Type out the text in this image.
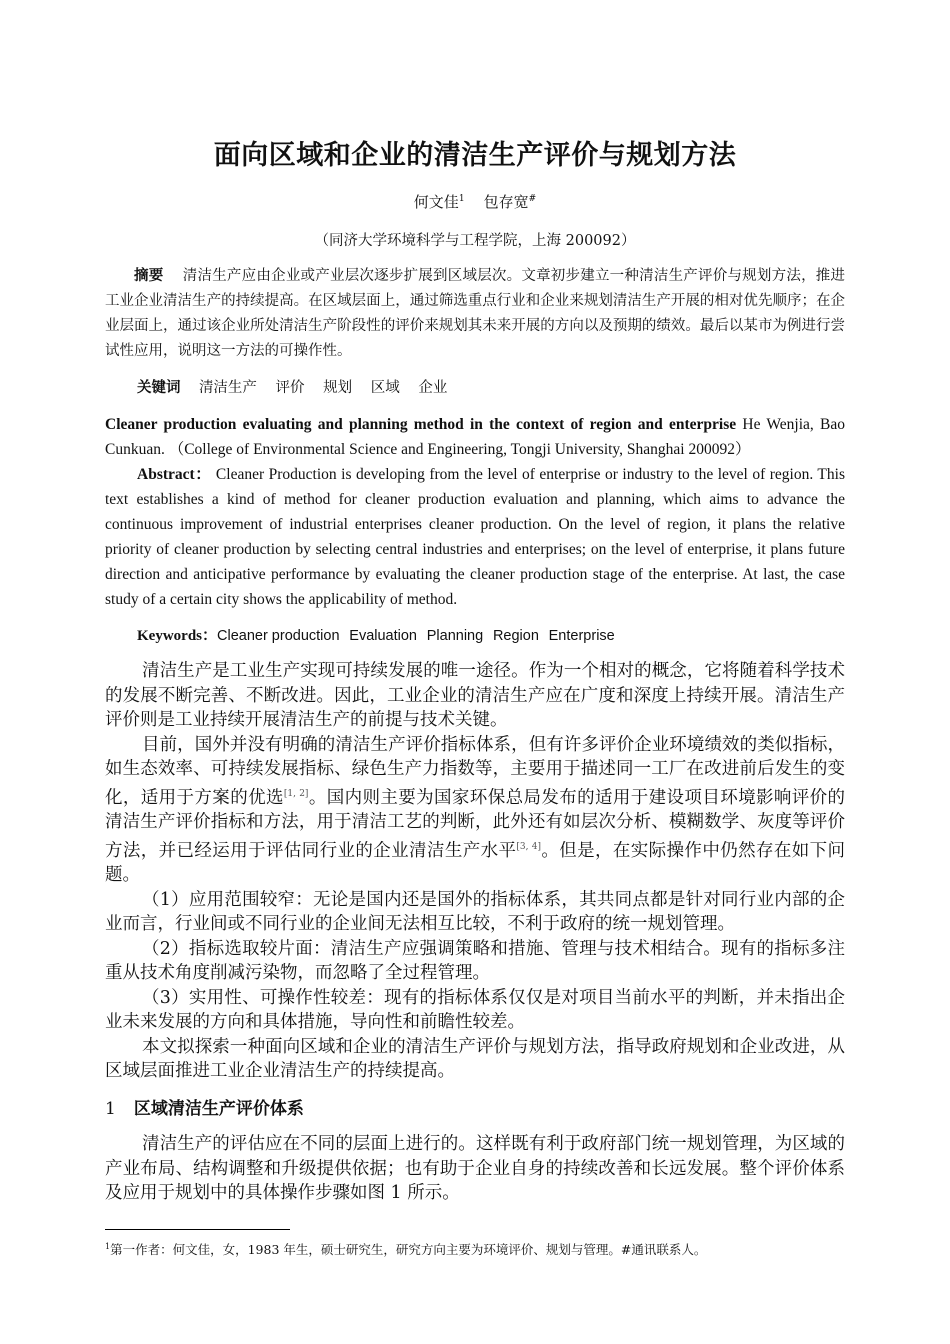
面向区域和企业的清洁生产评价与规划方法
何文佳$^1$ 包存宽#
（同济大学环境科学与工程学院，上海 200092）
摘要 清洁生产应由企业或产业层次逐步扩展到区域层次。文章初步建立一种清洁生产评价与规划方法，推进工业企业清洁生产的持续提高。在区域层面上，通过筛选重点行业和企业来规划清洁生产开展的相对优先顺序；在企业层面上，通过该企业所处清洁生产阶段性的评价来规划其未来开展的方向以及预期的绩效。最后以某市为例进行尝试性应用，说明这一方法的可操作性。
关键词 清洁生产 评价 规划 区域 企业
Cleaner production evaluating and planning method in the context of region and enterprise He Wenjia, Bao Cunkuan. （College of Environmental Science and Engineering, Tongji University, Shanghai 200092）
Abstract： Cleaner Production is developing from the level of enterprise or industry to the level of region. This text establishes a kind of method for cleaner production evaluation and planning, which aims to advance the continuous improvement of industrial enterprises cleaner production. On the level of region, it plans the relative priority of cleaner production by selecting central industries and enterprises; on the level of enterprise, it plans future direction and anticipative performance by evaluating the cleaner production stage of the enterprise. At last, the case study of a certain city shows the applicability of method.
Keywords：Cleaner production Evaluation Planning Region Enterprise

清洁生产是工业生产实现可持续发展的唯一途径。作为一个相对的概念，它将随着科学技术的发展不断完善、不断改进。因此，工业企业的清洁生产应在广度和深度上持续开展。清洁生产评价则是工业持续开展清洁生产的前提与技术关键。

目前，国外并没有明确的清洁生产评价指标体系，但有许多评价企业环境绩效的类似指标，如生态效率、可持续发展指标、绿色生产力指数等，主要用于描述同一工厂在改进前后发生的变化，适用于方案的优选[1, 2]。国内则主要为国家环保总局发布的适用于建设项目环境影响评价的清洁生产评价指标和方法，用于清洁工艺的判断，此外还有如层次分析、模糊数学、灰度等评价方法，并已经运用于评估同行业的企业清洁生产水平[3, 4]。但是，在实际操作中仍然存在如下问题。

（1）应用范围较窄：无论是国内还是国外的指标体系，其共同点都是针对同行业内部的企业而言，行业间或不同行业的企业间无法相互比较，不利于政府的统一规划管理。

（2）指标选取较片面：清洁生产应强调策略和措施、管理与技术相结合。现有的指标多注重从技术角度削减污染物，而忽略了全过程管理。

（3）实用性、可操作性较差：现有的指标体系仅仅是对项目当前水平的判断，并未指出企业未来发展的方向和具体措施，导向性和前瞻性较差。

本文拟探索一种面向区域和企业的清洁生产评价与规划方法，指导政府规划和企业改进，从区域层面推进工业企业清洁生产的持续提高。

1 区域清洁生产评价体系

清洁生产的评估应在不同的层面上进行的。这样既有利于政府部门统一规划管理，为区域的产业布局、结构调整和升级提供依据；也有助于企业自身的持续改善和长远发展。整个评价体系及应用于规划中的具体操作步骤如图 1 所示。

$^1$第一作者：何文佳，女，1983 年生，硕士研究生，研究方向主要为环境评价、规划与管理。#通讯联系人。
